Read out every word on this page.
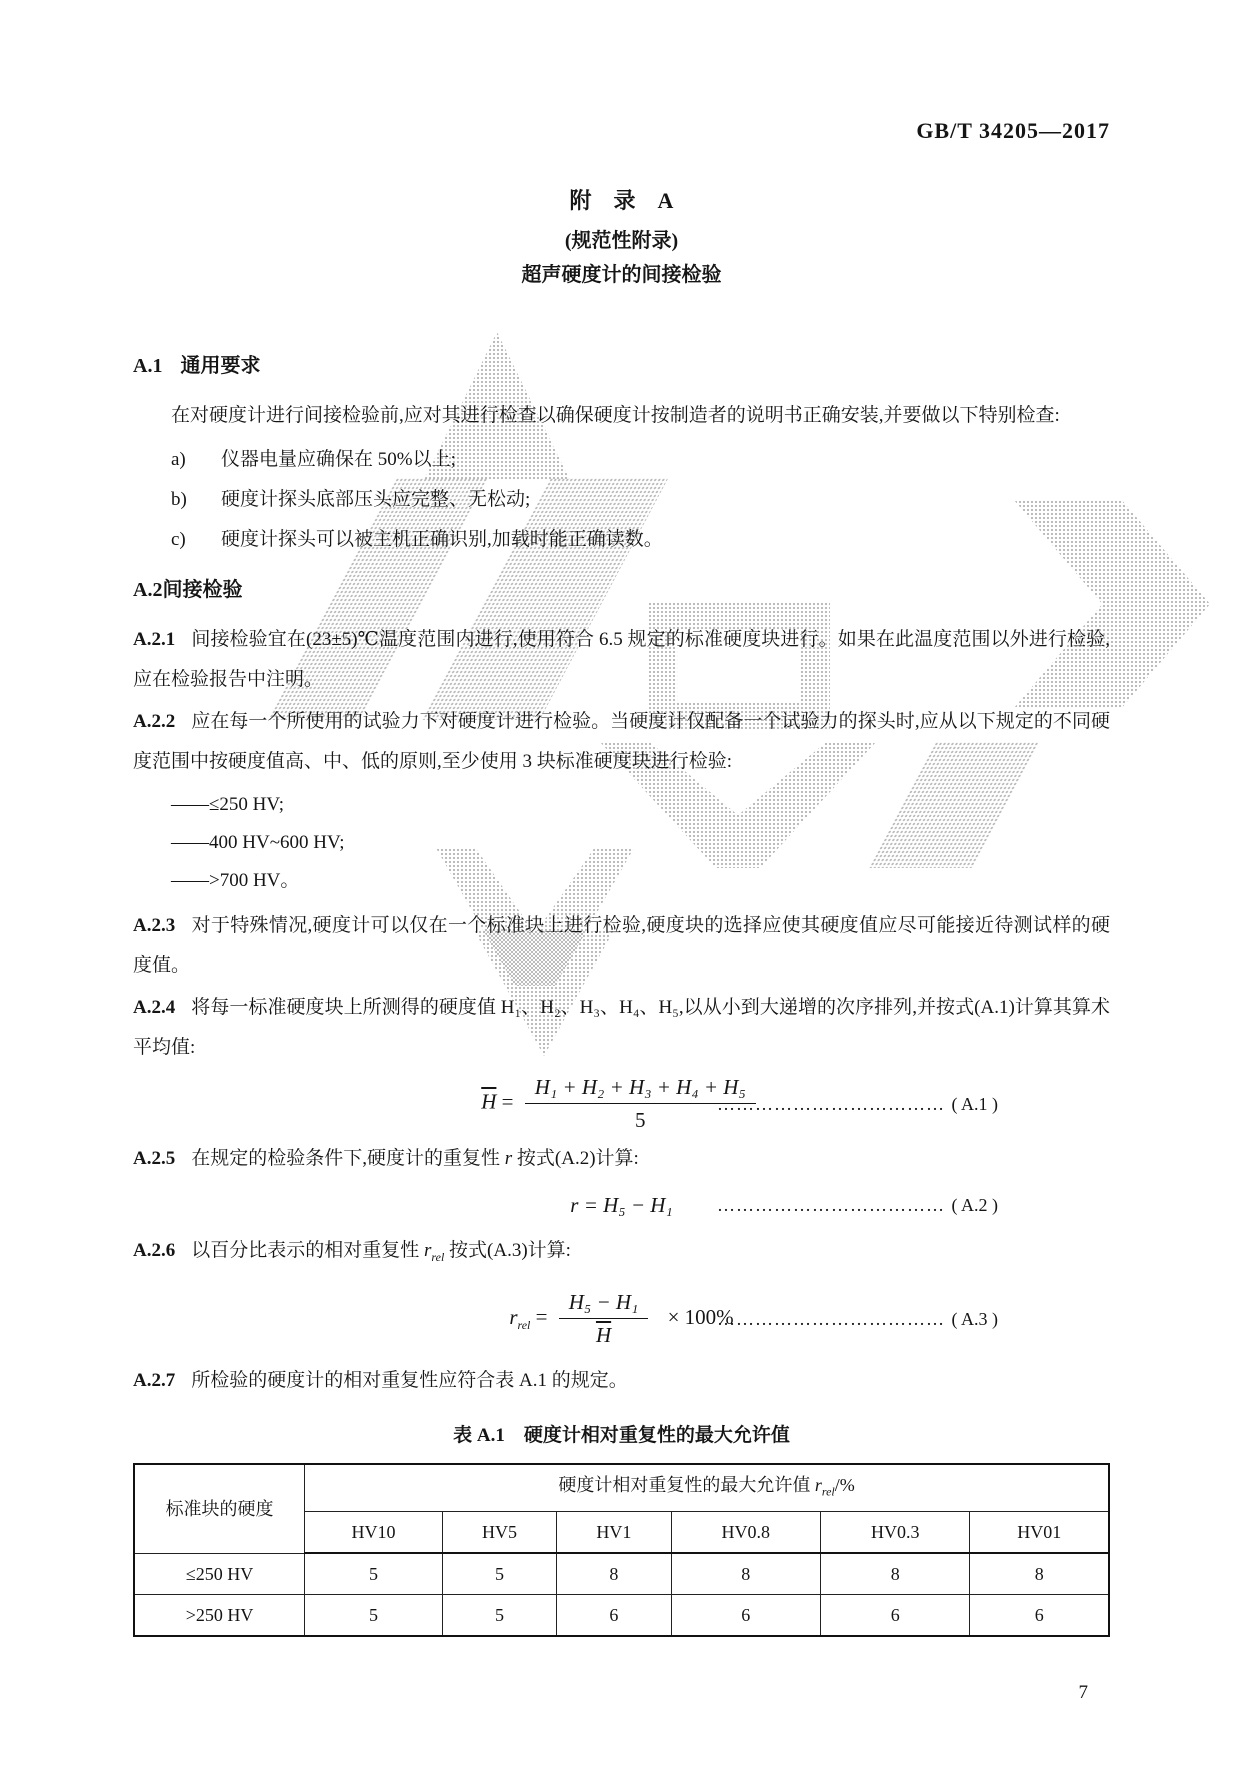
GB/T 34205—2017
附　录　A
(规范性附录)
超声硬度计的间接检验
A.1 通用要求
在对硬度计进行间接检验前,应对其进行检查以确保硬度计按制造者的说明书正确安装,并要做以下特别检查:
a) 仪器电量应确保在 50%以上;
b) 硬度计探头底部压头应完整、无松动;
c) 硬度计探头可以被主机正确识别,加载时能正确读数。
A.2间接检验
A.2.1 间接检验宜在(23±5)℃温度范围内进行,使用符合 6.5 规定的标准硬度块进行。如果在此温度范围以外进行检验,应在检验报告中注明。
A.2.2 应在每一个所使用的试验力下对硬度计进行检验。当硬度计仅配备一个试验力的探头时,应从以下规定的不同硬度范围中按硬度值高、中、低的原则,至少使用 3 块标准硬度块进行检验:
——≤250 HV;
——400 HV~600 HV;
——>700 HV。
A.2.3 对于特殊情况,硬度计可以仅在一个标准块上进行检验,硬度块的选择应使其硬度值应尽可能接近待测试样的硬度值。
A.2.4 将每一标准硬度块上所测得的硬度值 H₁、H₂、H₃、H₄、H₅,以从小到大递增的次序排列,并按式(A.1)计算其算术平均值:
$\overline{H} = \frac{\text{H₁ + H₂ + H₃ + H₄ + H₅}}{5}$
……………………………… ( A.1 )
A.2.5 在规定的检验条件下,硬度计的重复性 r 按式(A.2)计算:
r = H₅ − H₁ ……………………………… ( A.2 )
A.2.6 以百分比表示的相对重复性 $r_{rel}$ 按式(A.3)计算:
$r_{rel} = \frac{\text{H₅ − H₁}}{H} \times 100\%$
……………………………… ( A.3 )
A.2.7 所检验的硬度计的相对重复性应符合表 A.1 的规定。
表 A.1　硬度计相对重复性的最大允许值
标准块的硬度	硬度计相对重复性的最大允许值 $r_{rel}/\%$					
	HV10	HV5	HV1	HV0.8	HV0.3	HV01
≤250 HV	5	5	8	8	8	8
>250 HV	5	5	6	6	6	6
7
